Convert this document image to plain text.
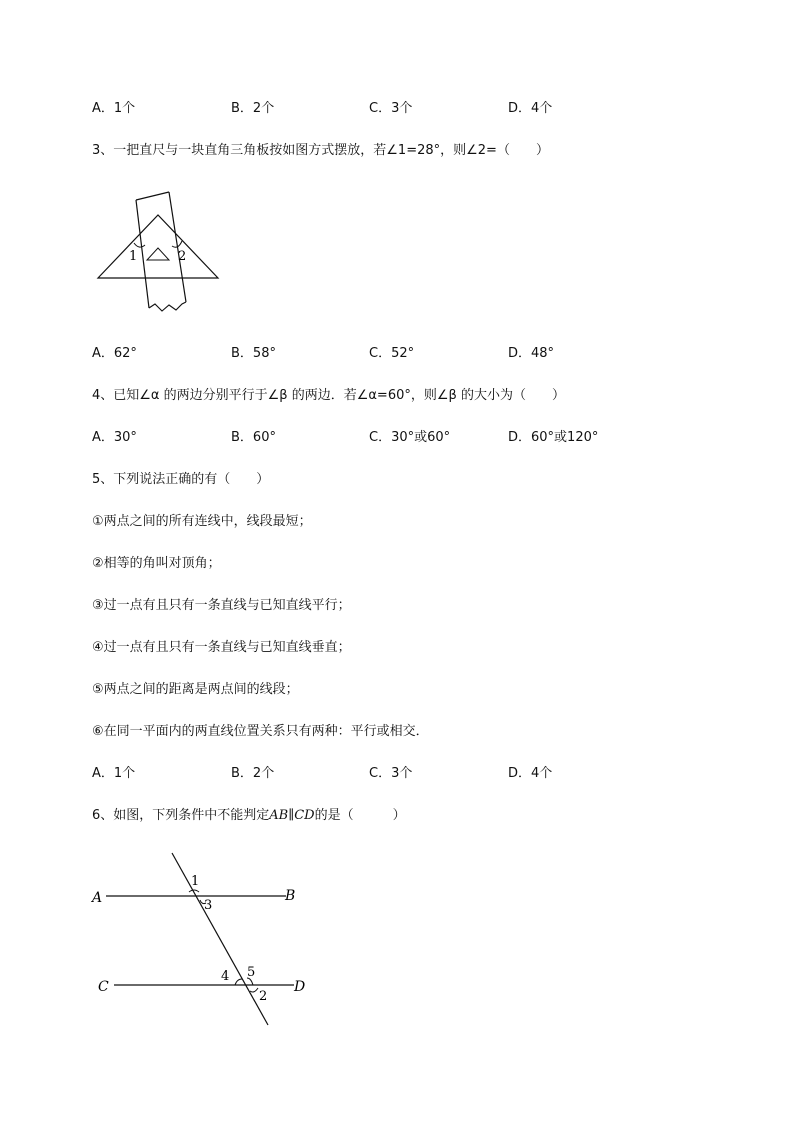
A．1个	B．2个	C．3个	D．4个
3、一把直尺与一块直角三角板按如图方式摆放，若∠1=28°，则∠2=（　　）
1	2
A．62°	B．58°	C．52°	D．48°
4、已知∠α 的两边分别平行于∠β 的两边．若∠α=60°，则∠β 的大小为（　　）
A．30°	B．60°	C．30°或60°	D．60°或120°
5、下列说法正确的有（　　）
①两点之间的所有连线中，线段最短；
②相等的角叫对顶角；
③过一点有且只有一条直线与已知直线平行；
④过一点有且只有一条直线与已知直线垂直；
⑤两点之间的距离是两点间的线段；
⑥在同一平面内的两直线位置关系只有两种：平行或相交．
A．1个	B．2个	C．3个	D．4个
6、如图，下列条件中不能判定AB∥CD的是（　　　）
A	B
C	D
1
3
4 5
2
